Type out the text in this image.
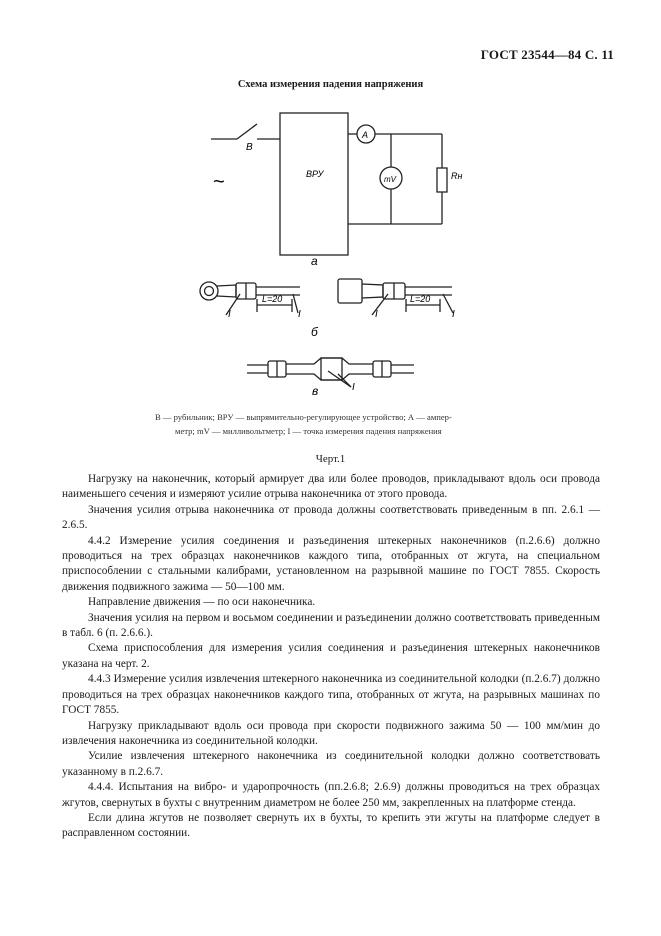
ГОСТ 23544—84 С. 11
Схема измерения падения напряжения
В
~	ВРУ
А
mV	Rн
а
I
L=20
I
б
I
L=20
I
в	I
В — рубильник; ВРУ — выпрямительно-регулирующее устройство; А — ампер-
метр; mV — милливольтметр; I — точка измерения падения напряжения
Черт.1

Нагрузку на наконечник, который армирует два или более проводов, прикладывают вдоль оси провода наименьшего сечения и измеряют усилие отрыва наконечника от этого провода.

Значения усилия отрыва наконечника от провода должны соответствовать приведенным в пп. 2.6.1 — 2.6.5.

4.4.2 Измерение усилия соединения и разъединения штекерных наконечников (п.2.6.6) должно проводиться на трех образцах наконечников каждого типа, отобранных от жгута, на специальном приспособлении с стальными калибрами, установленном на разрывной машине по ГОСТ 7855. Скорость движения подвижного зажима — 50—100 мм.

Направление движения — по оси наконечника.

Значения усилия на первом и восьмом соединении и разъединении должно соответствовать приведенным в табл. 6 (п. 2.6.6.).

Схема приспособления для измерения усилия соединения и разъединения штекерных наконечников указана на черт. 2.

4.4.3 Измерение усилия извлечения штекерного наконечника из соединительной колодки (п.2.6.7) должно проводиться на трех образцах наконечников каждого типа, отобранных от жгута, на разрывных машинах по ГОСТ 7855.

Нагрузку прикладывают вдоль оси провода при скорости подвижного зажима 50 — 100 мм/мин до извлечения наконечника из соединительной колодки.

Усилие извлечения штекерного наконечника из соединительной колодки должно соответствовать указанному в п.2.6.7.

4.4.4. Испытания на вибро- и ударопрочность (пп.2.6.8; 2.6.9) должны проводиться на трех образцах жгутов, свернутых в бухты с внутренним диаметром не более 250 мм, закрепленных на платформе стенда.

Если длина жгутов не позволяет свернуть их в бухты, то крепить эти жгуты на платформе следует в расправленном состоянии.
